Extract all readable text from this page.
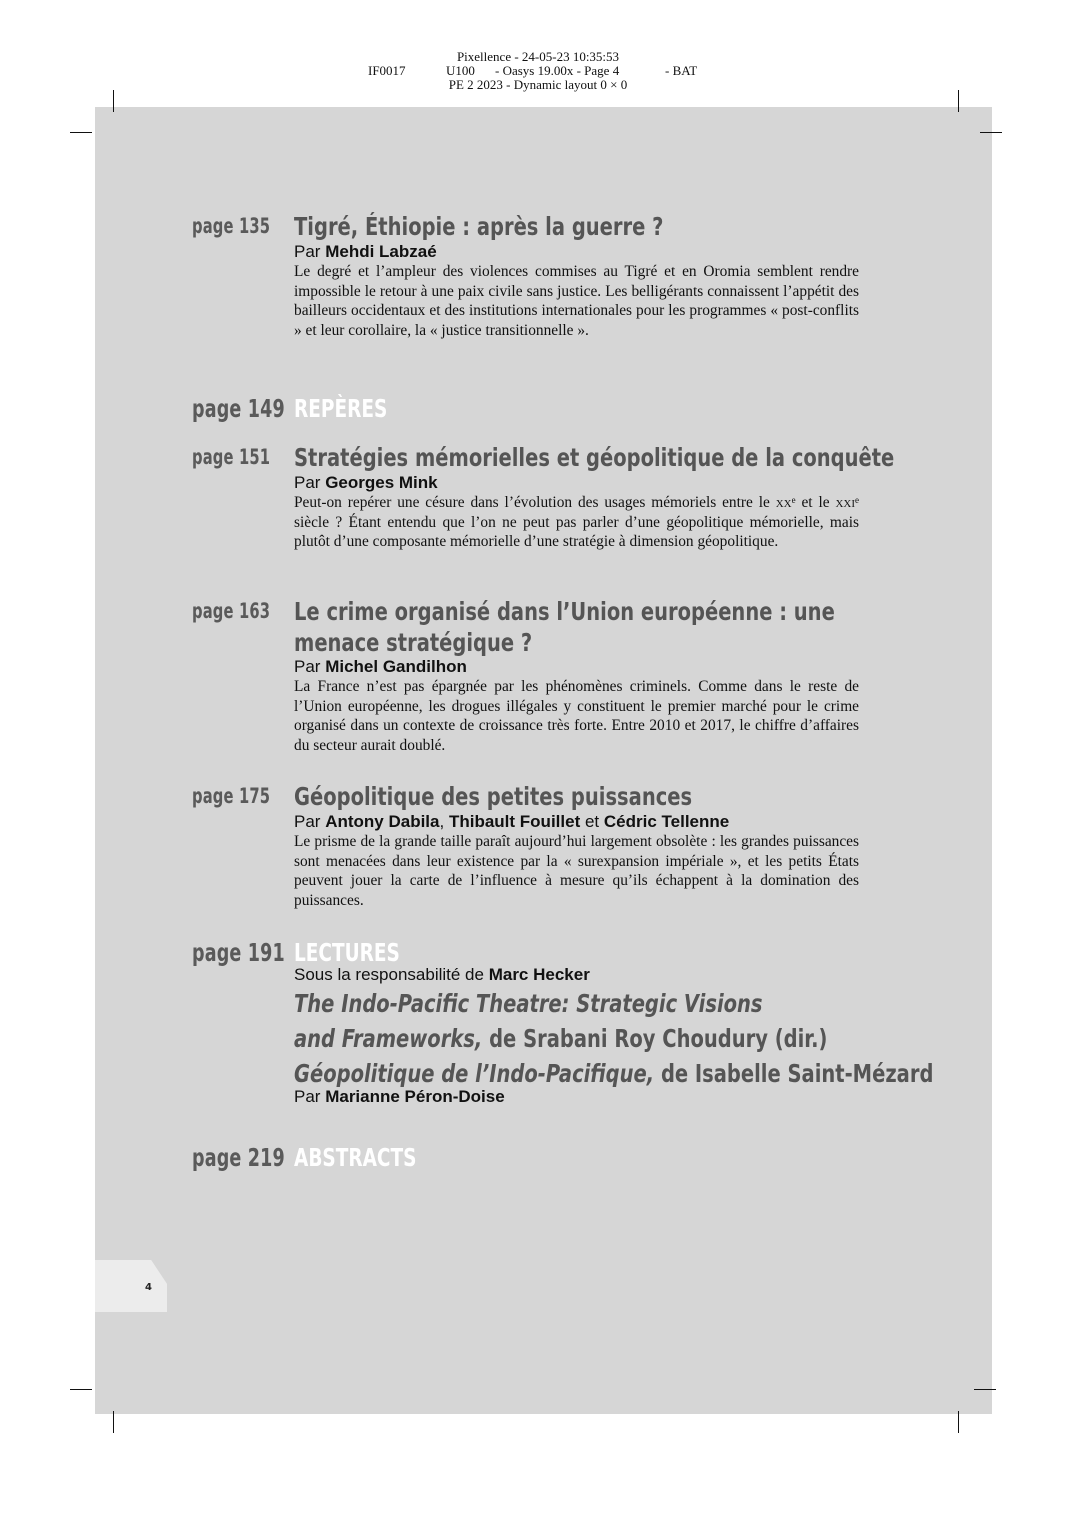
Pixellence - 24-05-23 10:35:53
IF0017	U100 - Oasys 19.00x - Page 4	- BAT
PE 2 2023 - Dynamic layout 0 × 0
page 135 Tigré, Éthiopie : après la guerre ?
Par Mehdi Labzaé
Le degré et l’ampleur des violences commises au Tigré et en Oromia semblent rendre impossible le retour à une paix civile sans justice. Les belligérants connaissent l’appétit des bailleurs occidentaux et des institutions internationales pour les programmes « post-conflits » et leur corollaire, la « justice transitionnelle ».
page 149 REPÈRES
page 151 Stratégies mémorielles et géopolitique de la conquête
Par Georges Mink
Peut-on repérer une césure dans l’évolution des usages mémoriels entre le $xx^e$ et le xxi$^e$ siècle ? Étant entendu que l’on ne peut pas parler d’une géopolitique mémorielle, mais plutôt d’une composante mémorielle d’une stratégie à dimension géopolitique.
page 163 Le crime organisé dans l’Union européenne : une menace stratégique ?
Par Michel Gandilhon
La France n’est pas épargnée par les phénomènes criminels. Comme dans le reste de l’Union européenne, les drogues illégales y constituent le premier marché pour le crime organisé dans un contexte de croissance très forte. Entre 2010 et 2017, le chiffre d’affaires du secteur aurait doublé.
page 175 Géopolitique des petites puissances
Par Antony Dabila, Thibault Fouillet et Cédric Tellenne
Le prisme de la grande taille paraît aujourd’hui largement obsolète : les grandes puissances sont menacées dans leur existence par la « surexpansion impériale », et les petits États peuvent jouer la carte de l’influence à mesure qu’ils échappent à la domination des puissances.
page 191 LECTURES
Sous la responsabilité de Marc Hecker
The Indo-Pacific Theatre: Strategic Visions
and Frameworks, de Srabani Roy Choudury (dir.)
Géopolitique de l’Indo-Pacifique, de Isabelle Saint-Mézard
Par Marianne Péron-Doise
page 219 ABSTRACTS
4
